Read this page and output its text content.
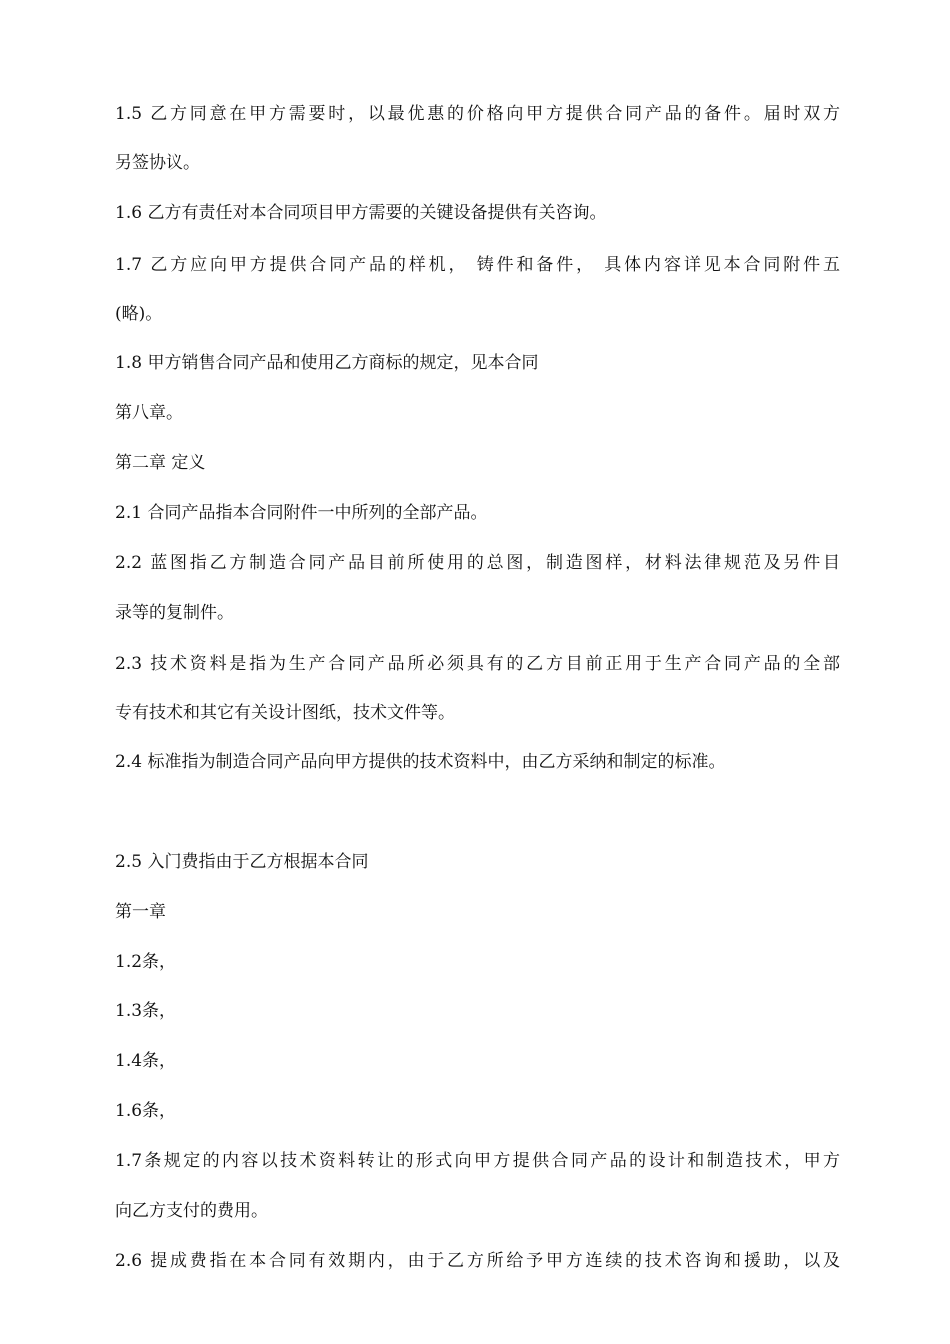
1.5 乙方同意在甲方需要时，以最优惠的价格向甲方提供合同产品的备件。届时双方
另签协议。
1.6 乙方有责任对本合同项目甲方需要的关键设备提供有关咨询。
1.7 乙方应向甲方提供合同产品的样机， 铸件和备件， 具体内容详见本合同附件五
(略)。
1.8 甲方销售合同产品和使用乙方商标的规定，见本合同
第八章。
第二章 定义
2.1 合同产品指本合同附件一中所列的全部产品。
2.2 蓝图指乙方制造合同产品目前所使用的总图，制造图样，材料法律规范及另件目
录等的复制件。
2.3 技术资料是指为生产合同产品所必须具有的乙方目前正用于生产合同产品的全部
专有技术和其它有关设计图纸，技术文件等。
2.4 标准指为制造合同产品向甲方提供的技术资料中，由乙方采纳和制定的标准。
2.5 入门费指由于乙方根据本合同
第一章
1.2条，
1.3条，
1.4条，
1.6条，
1.7条规定的内容以技术资料转让的形式向甲方提供合同产品的设计和制造技术，甲方
向乙方支付的费用。
2.6 提成费指在本合同有效期内，由于乙方所给予甲方连续的技术咨询和援助，以及
